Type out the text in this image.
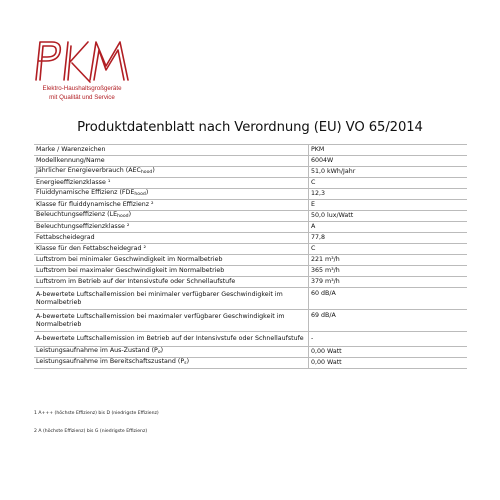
Elektro-Haushaltsgroßgeräte
mit Qualität und Service
Produktdatenblatt nach Verordnung (EU) VO 65/2014
Marke / Warenzeichen	PKM
Modellkennung/Name	6004W
Jährlicher Energieverbrauch $(AEC_{hood})$	51,0 kWh/Jahr
Energieeffizienzklasse ¹	C
Fluiddynamische Effizienz $(FDE_{hood})$	12,3
Klasse für fluiddynamische Effizienz ²	E
Beleuchtungseffizienz $(LE_{hood})$	50,0 lux/Watt
Beleuchtungseffizienzklasse ²	A
Fettabscheidegrad	77,8
Klasse für den Fettabscheidegrad ²	C
Luftstrom bei minimaler Geschwindigkeit im Normalbetrieb	221 m³/h
Luftstrom bei maximaler Geschwindigkeit im Normalbetrieb	365 m³/h
Luftstrom im Betrieb auf der Intensivstufe oder Schnellaufstufe	379 m³/h
A-bewertete Luftschallemission bei minimaler verfügbarer Geschwindigkeit im Normalbetrieb	60 dB/A
A-bewertete Luftschallemission bei maximaler verfügbarer Geschwindigkeit im Normalbetrieb	69 dB/A
A-bewertete Luftschallemission im Betrieb auf der Intensivstufe oder Schnellaufstufe	-
Leistungsaufnahme im Aus-Zustand $(P_o)$	0,00 Watt
Leistungsaufnahme im Bereitschaftszustand $(P_s)$	0,00 Watt
1 A+++ (höchste Effizienz) bis D (niedrigste Effizienz)
2 A (höchste Effizienz) bis G (niedrigste Effizienz)
